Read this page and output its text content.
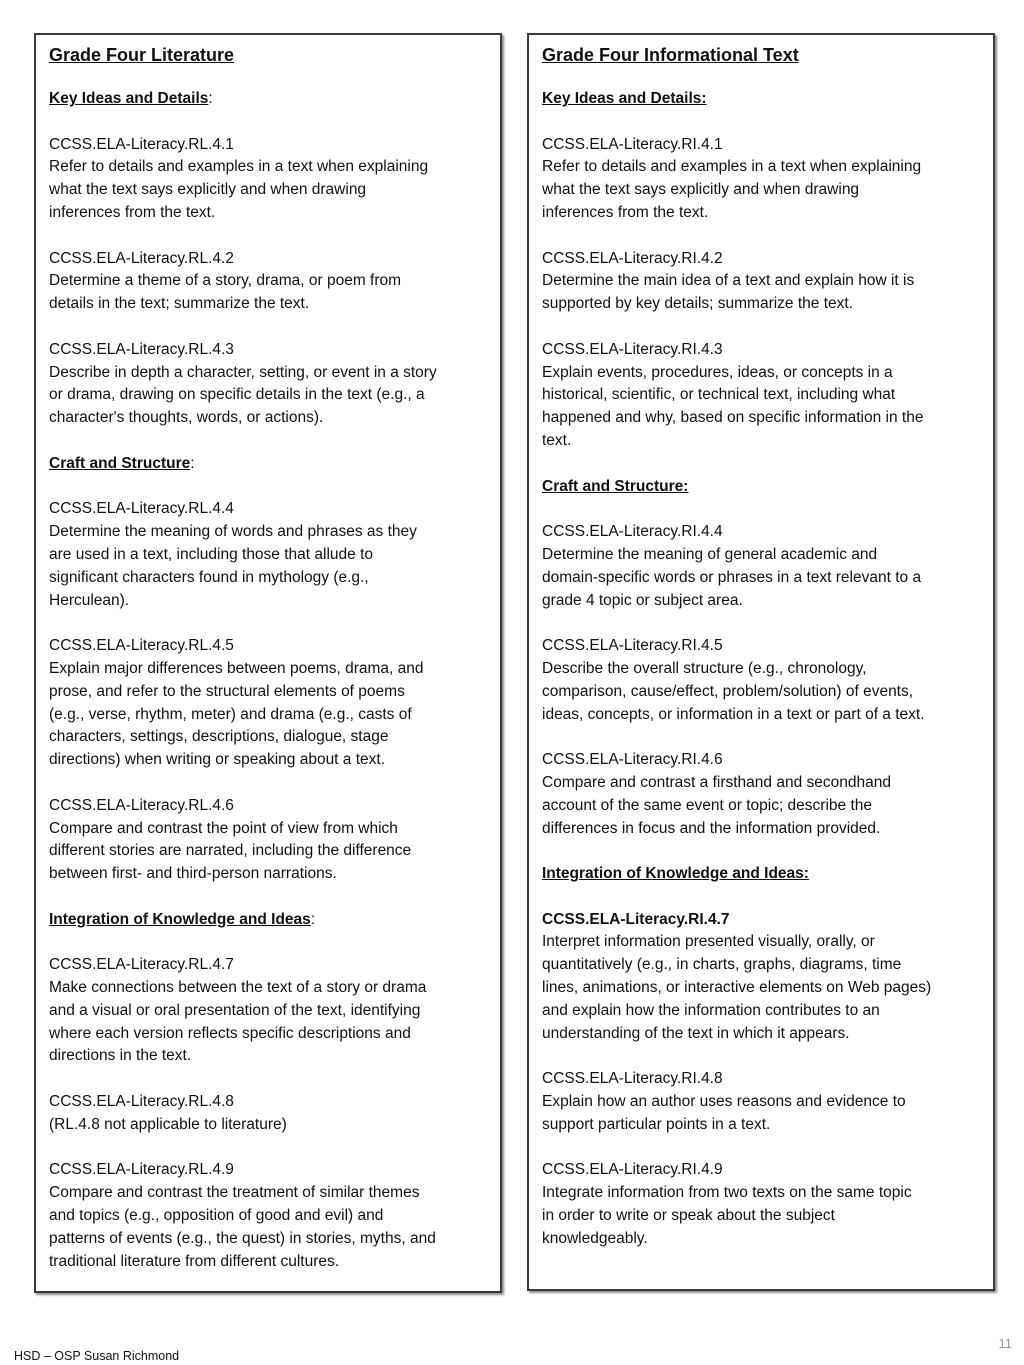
Grade Four Literature
Key Ideas and Details:
CCSS.ELA-Literacy.RL.4.1
Refer to details and examples in a text when explaining
what the text says explicitly and when drawing
inferences from the text.
CCSS.ELA-Literacy.RL.4.2
Determine a theme of a story, drama, or poem from
details in the text; summarize the text.
CCSS.ELA-Literacy.RL.4.3
Describe in depth a character, setting, or event in a story
or drama, drawing on specific details in the text (e.g., a
character's thoughts, words, or actions).
Craft and Structure:
CCSS.ELA-Literacy.RL.4.4
Determine the meaning of words and phrases as they
are used in a text, including those that allude to
significant characters found in mythology (e.g.,
Herculean).
CCSS.ELA-Literacy.RL.4.5
Explain major differences between poems, drama, and
prose, and refer to the structural elements of poems
(e.g., verse, rhythm, meter) and drama (e.g., casts of
characters, settings, descriptions, dialogue, stage
directions) when writing or speaking about a text.
CCSS.ELA-Literacy.RL.4.6
Compare and contrast the point of view from which
different stories are narrated, including the difference
between first- and third-person narrations.
Integration of Knowledge and Ideas:
CCSS.ELA-Literacy.RL.4.7
Make connections between the text of a story or drama
and a visual or oral presentation of the text, identifying
where each version reflects specific descriptions and
directions in the text.
CCSS.ELA-Literacy.RL.4.8
(RL.4.8 not applicable to literature)
CCSS.ELA-Literacy.RL.4.9
Compare and contrast the treatment of similar themes
and topics (e.g., opposition of good and evil) and
patterns of events (e.g., the quest) in stories, myths, and
traditional literature from different cultures.
Grade Four Informational Text
Key Ideas and Details:
CCSS.ELA-Literacy.RI.4.1
Refer to details and examples in a text when explaining
what the text says explicitly and when drawing
inferences from the text.
CCSS.ELA-Literacy.RI.4.2
Determine the main idea of a text and explain how it is
supported by key details; summarize the text.
CCSS.ELA-Literacy.RI.4.3
Explain events, procedures, ideas, or concepts in a
historical, scientific, or technical text, including what
happened and why, based on specific information in the
text.
Craft and Structure:
CCSS.ELA-Literacy.RI.4.4
Determine the meaning of general academic and
domain-specific words or phrases in a text relevant to a
grade 4 topic or subject area.
CCSS.ELA-Literacy.RI.4.5
Describe the overall structure (e.g., chronology,
comparison, cause/effect, problem/solution) of events,
ideas, concepts, or information in a text or part of a text.
CCSS.ELA-Literacy.RI.4.6
Compare and contrast a firsthand and secondhand
account of the same event or topic; describe the
differences in focus and the information provided.
Integration of Knowledge and Ideas:
CCSS.ELA-Literacy.RI.4.7
Interpret information presented visually, orally, or
quantitatively (e.g., in charts, graphs, diagrams, time
lines, animations, or interactive elements on Web pages)
and explain how the information contributes to an
understanding of the text in which it appears.
CCSS.ELA-Literacy.RI.4.8
Explain how an author uses reasons and evidence to
support particular points in a text.
CCSS.ELA-Literacy.RI.4.9
Integrate information from two texts on the same topic
in order to write or speak about the subject
knowledgeably.
HSD – OSP Susan Richmond
11
